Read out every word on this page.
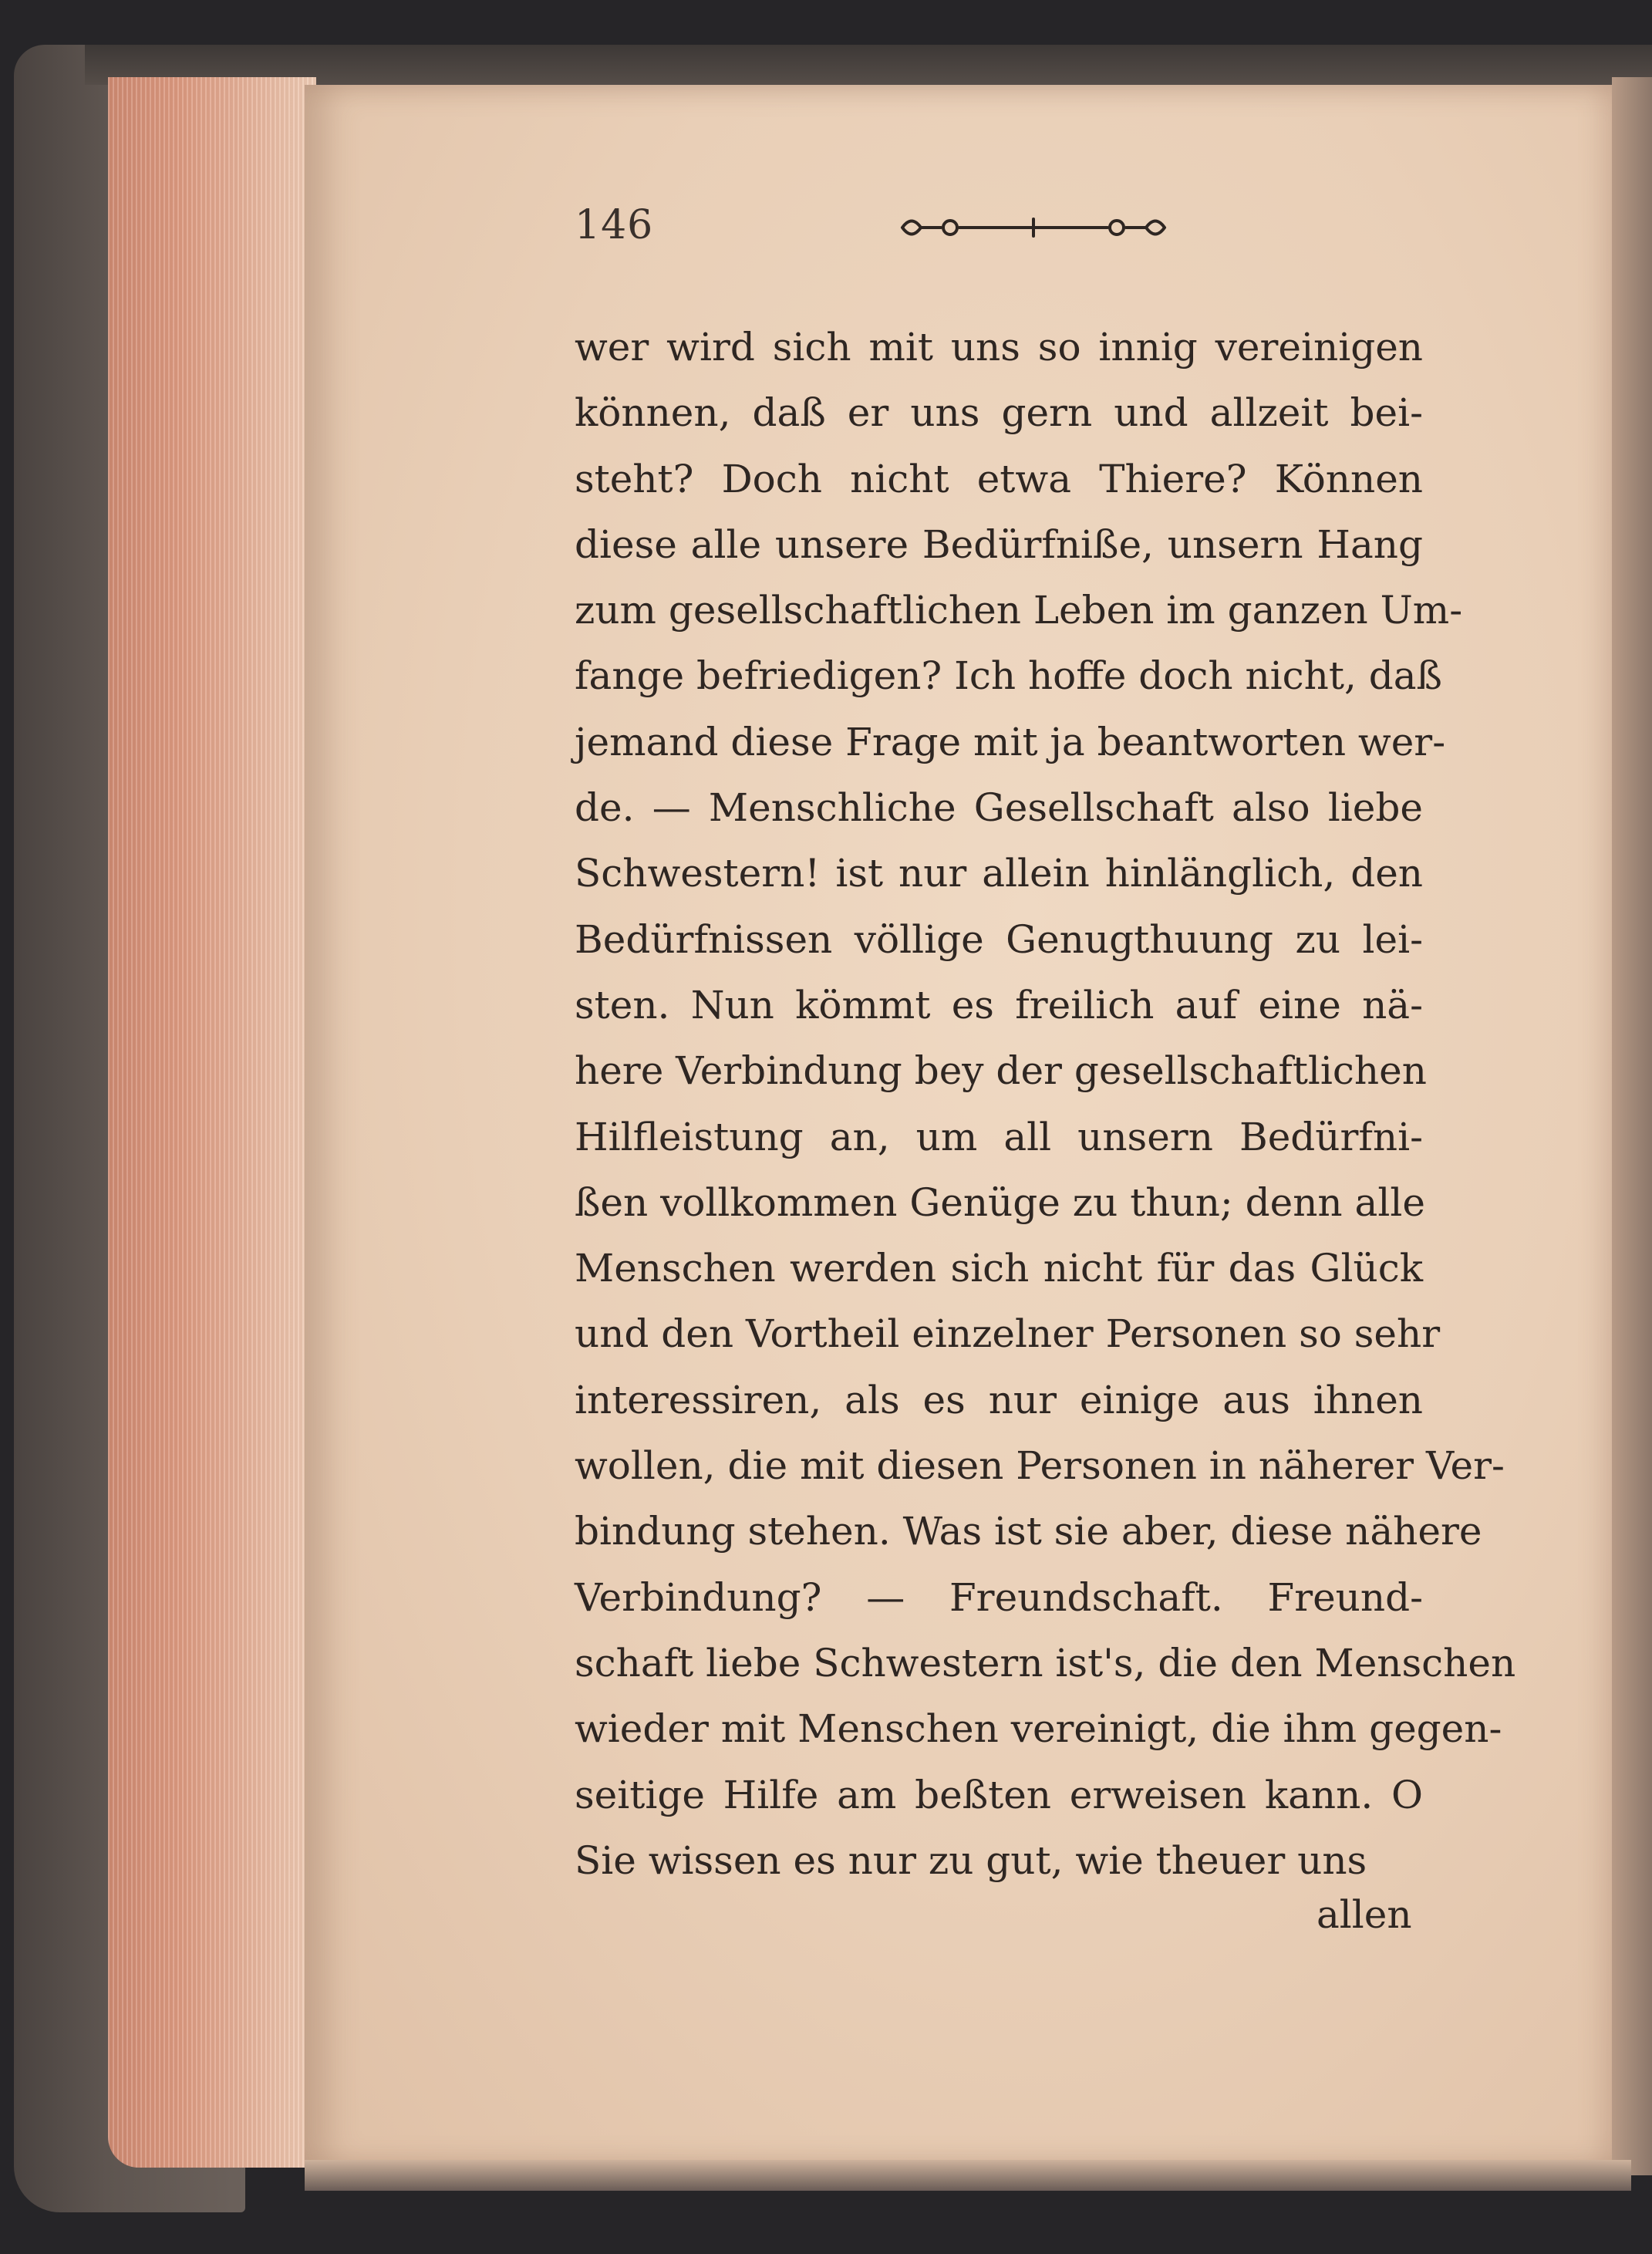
146
wer wird sich mit uns so innig vereinigen
können, daß er uns gern und allzeit bei-
steht? Doch nicht etwa Thiere? Können
diese alle unsere Bedürfniße, unsern Hang
zum gesellschaftlichen Leben im ganzen Um-
fange befriedigen? Ich hoffe doch nicht, daß
jemand diese Frage mit ja beantworten wer-
de. — Menschliche Gesellschaft also liebe
Schwestern! ist nur allein hinlänglich, den
Bedürfnissen völlige Genugthuung zu lei-
sten. Nun kömmt es freilich auf eine nä-
here Verbindung bey der gesellschaftlichen
Hilfleistung an, um all unsern Bedürfni-
ßen vollkommen Genüge zu thun; denn alle
Menschen werden sich nicht für das Glück
und den Vortheil einzelner Personen so sehr
interessiren, als es nur einige aus ihnen
wollen, die mit diesen Personen in näherer Ver-
bindung stehen. Was ist sie aber, diese nähere
Verbindung? — Freundschaft. Freund-
schaft liebe Schwestern ist's, die den Menschen
wieder mit Menschen vereinigt, die ihm gegen-
seitige Hilfe am beßten erweisen kann. O
Sie wissen es nur zu gut, wie theuer uns
allen
